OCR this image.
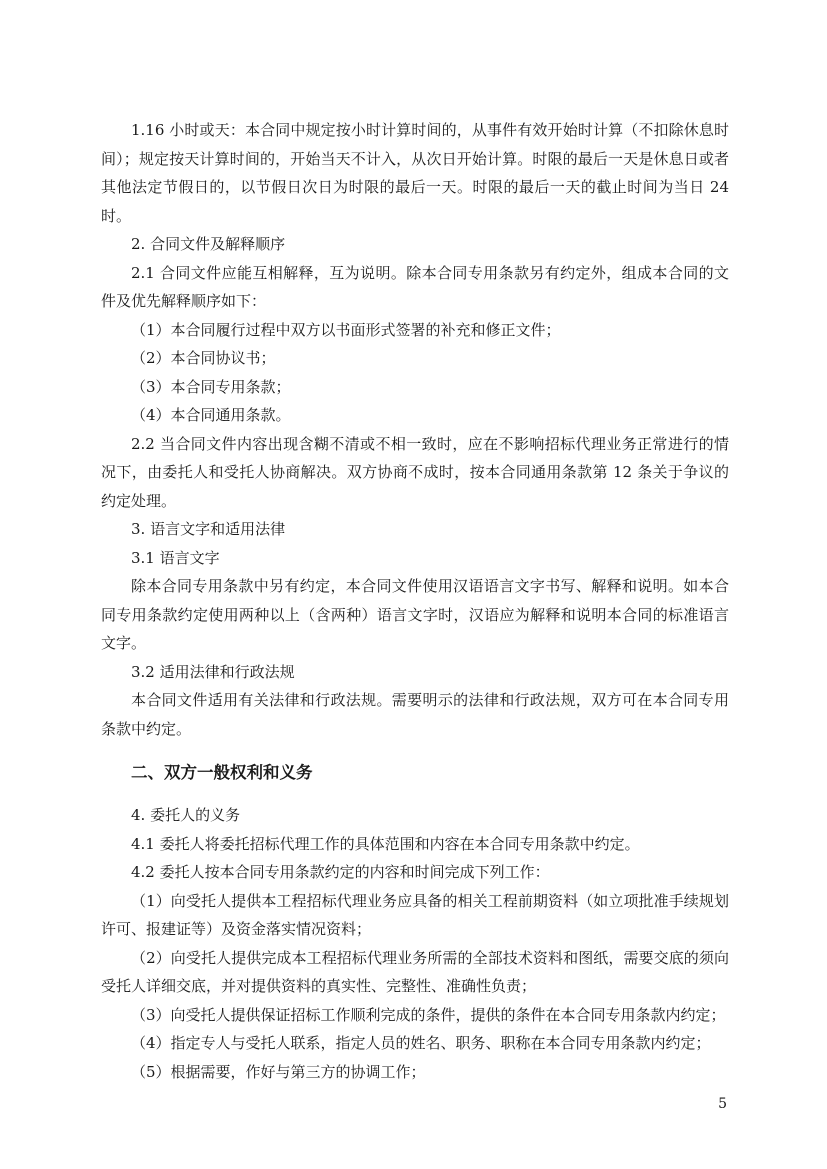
1.16 小时或天：本合同中规定按小时计算时间的，从事件有效开始时计算（不扣除休息时间）；规定按天计算时间的，开始当天不计入，从次日开始计算。时限的最后一天是休息日或者其他法定节假日的，以节假日次日为时限的最后一天。时限的最后一天的截止时间为当日 24 时。

2. 合同文件及解释顺序

2.1 合同文件应能互相解释，互为说明。除本合同专用条款另有约定外，组成本合同的文件及优先解释顺序如下：

（1）本合同履行过程中双方以书面形式签署的补充和修正文件；

（2）本合同协议书；

（3）本合同专用条款；

（4）本合同通用条款。

2.2 当合同文件内容出现含糊不清或不相一致时，应在不影响招标代理业务正常进行的情况下，由委托人和受托人协商解决。双方协商不成时，按本合同通用条款第 12 条关于争议的约定处理。

3. 语言文字和适用法律

3.1 语言文字

除本合同专用条款中另有约定，本合同文件使用汉语语言文字书写、解释和说明。如本合同专用条款约定使用两种以上（含两种）语言文字时，汉语应为解释和说明本合同的标准语言文字。

3.2 适用法律和行政法规

本合同文件适用有关法律和行政法规。需要明示的法律和行政法规，双方可在本合同专用条款中约定。

二、双方一般权利和义务

4. 委托人的义务

4.1 委托人将委托招标代理工作的具体范围和内容在本合同专用条款中约定。

4.2 委托人按本合同专用条款约定的内容和时间完成下列工作：

（1）向受托人提供本工程招标代理业务应具备的相关工程前期资料（如立项批准手续规划许可、报建证等）及资金落实情况资料；

（2）向受托人提供完成本工程招标代理业务所需的全部技术资料和图纸，需要交底的须向受托人详细交底，并对提供资料的真实性、完整性、准确性负责；

（3）向受托人提供保证招标工作顺利完成的条件，提供的条件在本合同专用条款内约定；

（4）指定专人与受托人联系，指定人员的姓名、职务、职称在本合同专用条款内约定；

（5）根据需要，作好与第三方的协调工作；

5
